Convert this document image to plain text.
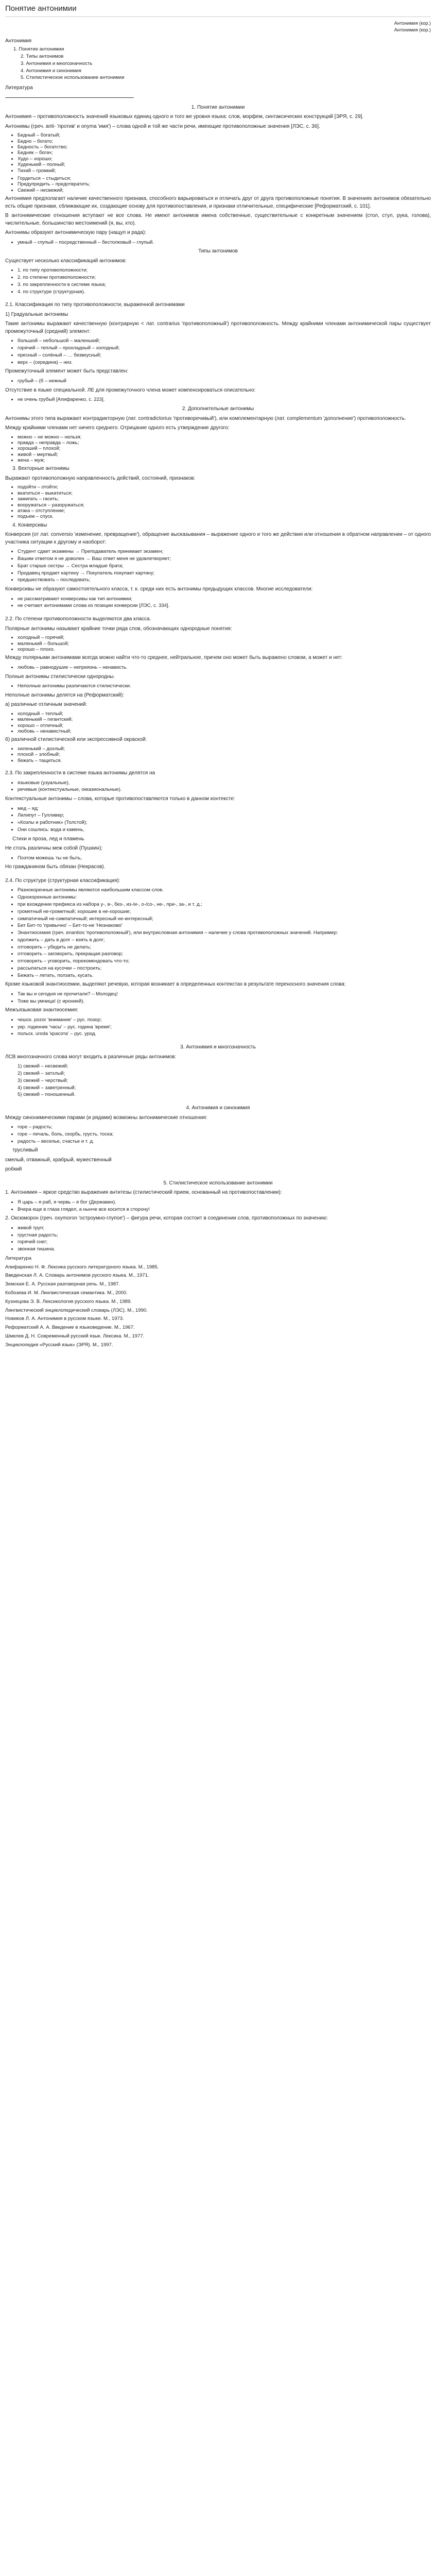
Понятие антонимии

Антонимия (кор.)

Антонимия (кор.)

Антонимия

1. Понятие антонимии
2. Типы антонимов
3. Антонимия и многозначность
4. Антонимия и синонимия
5. Стилистическое использование антонимии

Литература

1. Понятие антонимии

Антонимия – противоположность значений языковых единиц одного и того же уровня языка: слов, морфем, синтаксических конструкций [ЭРЯ, с. 29].

Антонимы (греч. anti- 'против' и onyma 'имя') – слова одной и той же части речи, имеющие противоположные значения [ЛЭС, с. 36].

• Бедный – богатый;
• Бедно – богато;
• Бедность – богатство;
• Бедняк – богач;
• Худо – хорошо;
• Худенький – полный;
• Тихий – громкий;
• Гордиться – стыдиться;
• Предупредить – предотвратить;
• Свежий – несвежий;

Антонимия предполагает наличие качественного признака, способного варьироваться и отличать друг от друга противоположные понятия. В значениях антонимов обязательно есть общие признаки, сближающие их, создающие основу для противопоставления, и признаки отличительные, специфические [Реформатский, с. 101].

В антонимические отношения вступают не все слова. Не имеют антонимов имена собственные, существительные с конкретным значением (стол, стул, рука, голова), числительные, большинство местоимений (я, вы, кто).

Антонимы образуют антонимическую пару (нащуп и рада):

• умный – глупый – посредственный – бестолковый – глупый.

Типы антонимов

Существует несколько классификаций антонимов:

• 1. по типу противоположности;
• 2. по степени противоположности;
• 3. по закрепленности в системе языка;
• 4. по структуре (структурная).
2.1. Классификация по типу противоположности, выраженной антонимами

1) Градуальные антонимы

Такие антонимы выражают качественную (контрарную < лат. contrarius 'противоположный') противоположность. Между крайними членами антонимической пары существует промежуточный (средний) элемент:

• большой – небольшой – маленький;
• горячий – теплый – прохладный – холодный;
• пресный – солёный – … безвкусный;
• верх – (середина) – низ.

Промежуточный элемент может быть представлен:

• грубый – (б – нежный

Отсутствие в языке специальной. ЛЕ для промежуточного члена может компенсироваться описательно:

• не очень грубый [Апифаренко, с. 223].

2. Дополнительные антонимы

Антонимы этого типа выражают контрадикторную (лат. contradictorius 'противоречивый'), или комплементарную (лат. complementum 'дополнение') противоположность.

Между крайними членами нет ничего среднего. Отрицание одного есть утверждение другого:

• можно – не можно – нельзя;
• правда – неправда – ложь;
• хороший – плохой;
• живой – мертвый;
• жена – муж;

3. Векторные антонимы

Выражают противоположную направленность действий, состояний, признаков:

• подойти – отойти;
• вкатиться – выкатиться;
• зажигать – гасить;
• вооружаться – разоружаться;
• атака – отступление;
• подъем – спуск.

4. Конверсивы

Конверсия (от лат. conversio 'изменение, превращение'), обращение высказывания – выражение одного и того же действия или отношения в обратном направлении – от одного участника ситуации к другому и наоборот:

• Студент сдает экзамены → Преподаватель принимает экзамен;
• Вашим ответом я не доволен → Ваш ответ меня не удовлетворяет;
• Брат старше сестры → Сестра младше брата;
• Продавец продает картину → Покупатель покупает картину;
• предшествовать – последовать;

Конверсивы не образуют самостоятельного класса, т. к. среди них есть антонимы предыдущих классов. Многие исследователи:

• не рассматривают конверсивы как тип антонимии;
• не считают антонимами слова из позиции конверсии [ЛЭС, с. 334].
2.2. По степени противоположности выделяются два класса.

Полярные антонимы называют крайние точки ряда слов, обозначающих однородные понятия:

• холодный – горячий;
• маленький – большой;
• хорошо – плохо.

Между полярными антонимами всегда можно найти что-то среднее, нейтральное, причем оно может быть выражено словом, а может и нет:

• любовь – равнодушие – неприязнь – ненависть.

Полные антонимы стилистически однородны.

• Неполные антонимы различаются стилистически.

Неполные антонимы делятся на (Реформатский):

а) различные отличным значений:

• холодный – теплый;
• маленький – гигантский;
• хорошо – отличный;
• любовь – ненавистный;

б) различной стилистической или экспрессивной окраской:

• хиленький – дохлый;
• плохой – злобный;
• бежать – тащиться.
2.3. По закрепленности в системе языка антонимы делятся на
• языковые (узуальные),
• речевые (контекстуальные, окказиональные).

Контекстуальные антонимы – слова, которые противопоставляются только в данном контексте:

• мед – яд;
• Лилипут – Гулливер;
• «Козлы и работник» (Толстой);
• Они сошлись: вода и камень,

Стихи и проза, лед и пламень

Не столь различны меж собой (Пушкин);

• Поэтом можешь ты не быть,

Но гражданином быть обязан (Некрасов).

2.4. По структуре (структурная классификация):
• Разнокоренные антонимы являются наибольшим классом слов.
• Однокоренные антонимы:
• при вхождении префикса из набора у-, в-, без-, из-/и-, о-/со-, не-, при-, за-, и т. д.;
• грометный не-грометный; хорошие в не-хорошие;
• симпатичный не-симпатичный; интересный не-интересный;
• Бит Бит-то 'привычно' – Бит-то-не 'Незнакомо'
• Энантиосемия (греч. enantios 'противоположный'), или внутрисловная антонимия – наличие у слова противоположных значений. Например:
• одолжить – дать в долг – взять в долг;
• отговорить – убедить не делать;
• отговорить – заговорить, прекращая разговор;
• отговорить – уговорить, порекомендовать что-то;
• рассыпаться на кусочки – построить;
• Бежать – летать, ползать, кусать.

Кроме языковой энантиосемии, выделяют речевую, которая возникает в определенных контекстах в результате переносного значения слова:

• Так вы и сегодня не прочитали? – Молодец!
• Тоже вы умница! (с иронией).

Межъязыковая энантиосемия:

• чешск. pozor 'внимание' – рус. позор;
• укр. годинник 'часы' – рус. година 'время';
• польск. uroda 'красота' – рус. урод.
3. Антонимия и многозначность

ЛСВ многозначного слова могут входить в различные ряды антонимов:

1) свежий – несвежий;
2) свежий – затхлый;
3) свежий – черствый;
4) свежий – заветренный;
5) свежий – поношенный.
4. Антонимия и синонимия

Между синонимическими парами (и рядами) возможны антонимические отношения:

• горе – радость;
• горе – печаль, боль, скорбь, грусть, тоска;
• радость – веселье, счастье и т. д.

трусливый

смелый, отважный, храбрый, мужественный

робкий

5. Стилистическое использование антонимии

1. Антонимия – яркое средство выражения антитезы (стилистический прием, основанный на противопоставлении):

• Я царь – я раб, я червь – я бог (Державин).
• Вчера еще в глаза глядел, а нынче все косится в сторону!

2. Оксюморон (греч. oxymoron 'остроумно-глупое') – фигура речи, которая состоит в соединении слов, противоположных по значению:

• живой труп;
• грустная радость;
• горячий снег;
• звонкая тишина.

Литература

Апифаренко Н. Ф. Лексика русского литературного языка. М., 1985.

Введенская Л. А. Словарь антонимов русского языка. М., 1971.

Земская Е. А. Русская разговорная речь. М., 1987.

Кобозева И. М. Лингвистическая семантика. М., 2000.

Кузнецова Э. В. Лексикология русского языка. М., 1989.

Лингвистический энциклопедический словарь (ЛЭС). М., 1990.

Новиков Л. А. Антонимия в русском языке. М., 1973.

Реформатский А. А. Введение в языковедение. М., 1967.

Шмелев Д. Н. Современный русский язык. Лексика. М., 1977.

Энциклопедия «Русский язык» (ЭРЯ). М., 1997.
